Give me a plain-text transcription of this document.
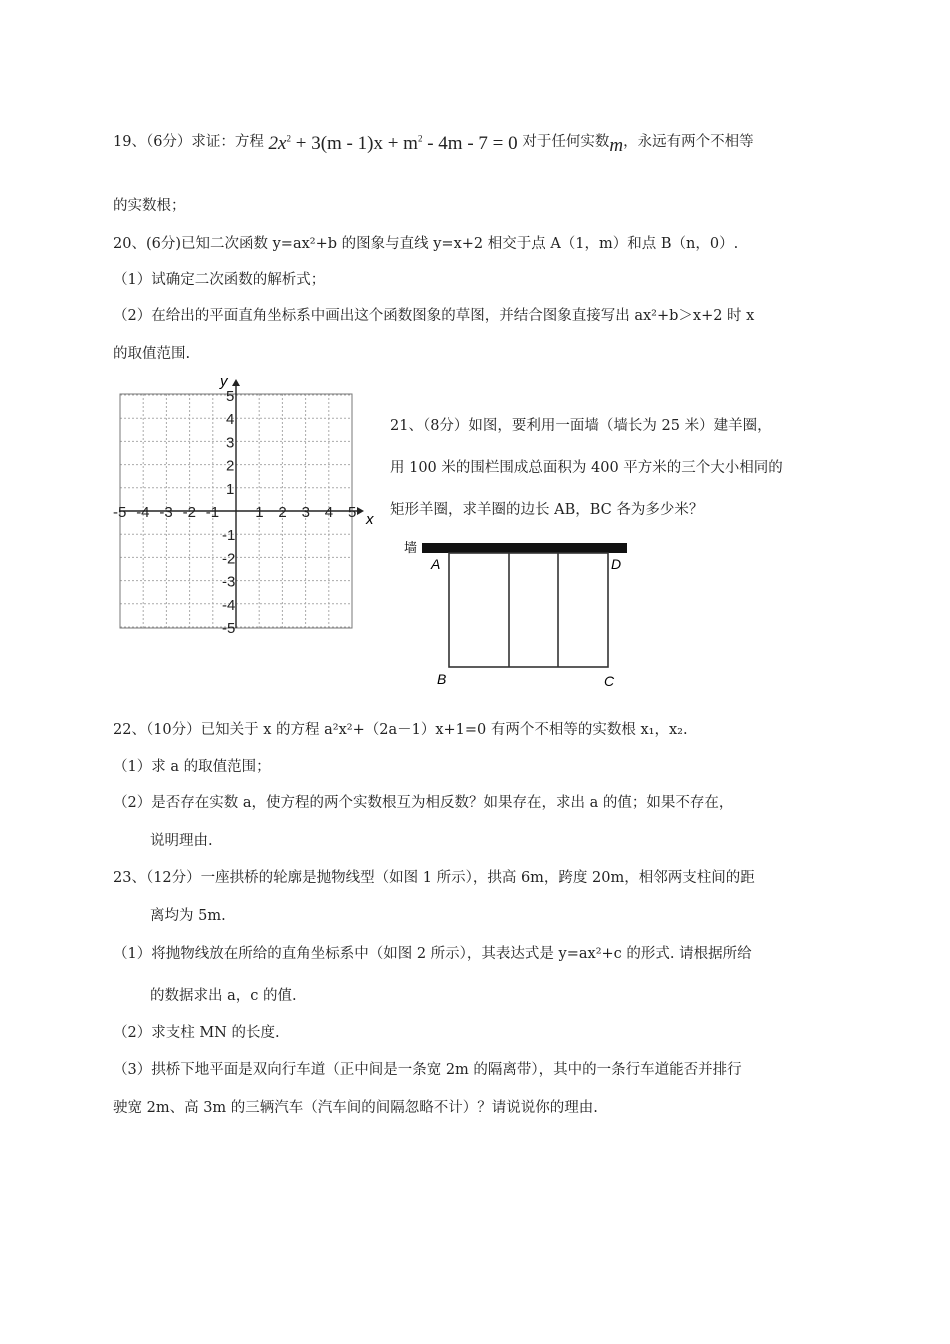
19、（6分）求证：方程 $2x^2 + 3(m - 1)x + m^2 - 4m - 7 = 0$ 对于任何实数m，永远有两个不相等
的实数根；
20、(6分)已知二次函数 y=ax²+b 的图象与直线 y=x+2 相交于点 A（1，m）和点 B（n，0）.
（1）试确定二次函数的解析式；
（2）在给出的平面直角坐标系中画出这个函数图象的草图，并结合图象直接写出 ax²+b＞x+2 时 x
的取值范围.
x
y
-5 -4 -3 -2 -1 1 2 3 4 5
5
4
3
2
1
-1
-2
-3
-4
-5
21、（8分）如图，要利用一面墙（墙长为 25 米）建羊圈，
用 100 米的围栏围成总面积为 400 平方米的三个大小相同的
矩形羊圈，求羊圈的边长 AB，BC 各为多少米？
墙
A	D
B	C
22、（10分）已知关于 x 的方程 a²x²+（2a－1）x+1=0 有两个不相等的实数根 x₁，x₂.
（1）求 a 的取值范围；
（2）是否存在实数 a，使方程的两个实数根互为相反数？如果存在，求出 a 的值；如果不存在，
说明理由.
23、（12分）一座拱桥的轮廓是抛物线型（如图 1 所示），拱高 6m，跨度 20m，相邻两支柱间的距
离均为 5m.
（1）将抛物线放在所给的直角坐标系中（如图 2 所示），其表达式是 y=ax²+c 的形式. 请根据所给
的数据求出 a，c 的值.
（2）求支柱 MN 的长度.
（3）拱桥下地平面是双向行车道（正中间是一条宽 2m 的隔离带），其中的一条行车道能否并排行
驶宽 2m、高 3m 的三辆汽车（汽车间的间隔忽略不计）？请说说你的理由.
